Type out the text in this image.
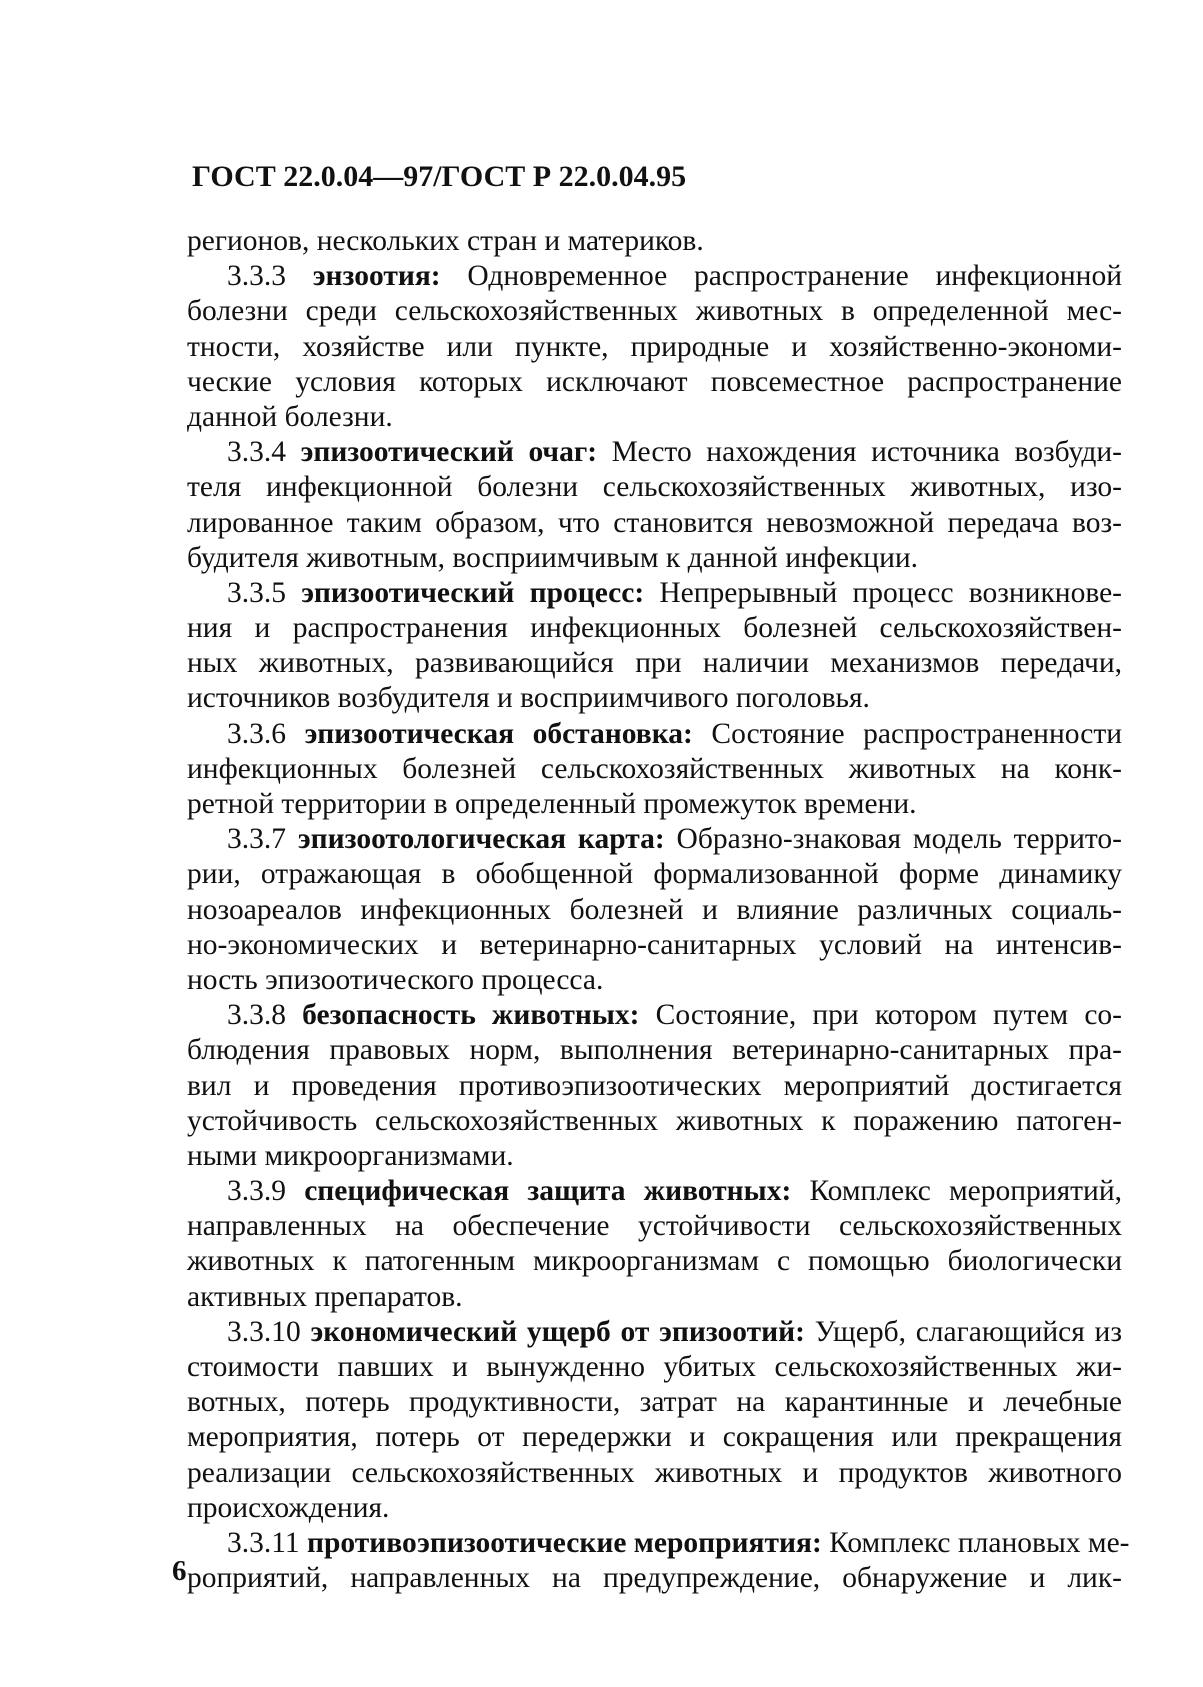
ГОСТ 22.0.04—97/ГОСТ Р 22.0.04.95
регионов, нескольких стран и материков.
3.3.3 энзоотия: Одновременное распространение инфекционной
болезни среди сельскохозяйственных животных в определенной мес-
тности, хозяйстве или пункте, природные и хозяйственно-экономи-
ческие условия которых исключают повсеместное распространение
данной болезни.
3.3.4 эпизоотический очаг: Место нахождения источника возбуди-
теля инфекционной болезни сельскохозяйственных животных, изо-
лированное таким образом, что становится невозможной передача воз-
будителя животным, восприимчивым к данной инфекции.
3.3.5 эпизоотический процесс: Непрерывный процесс возникнове-
ния и распространения инфекционных болезней сельскохозяйствен-
ных животных, развивающийся при наличии механизмов передачи,
источников возбудителя и восприимчивого поголовья.
3.3.6 эпизоотическая обстановка: Состояние распространенности
инфекционных болезней сельскохозяйственных животных на конк-
ретной территории в определенный промежуток времени.
3.3.7 эпизоотологическая карта: Образно-знаковая модель террито-
рии, отражающая в обобщенной формализованной форме динамику
нозоареалов инфекционных болезней и влияние различных социаль-
но-экономических и ветеринарно-санитарных условий на интенсив-
ность эпизоотического процесса.
3.3.8 безопасность животных: Состояние, при котором путем со-
блюдения правовых норм, выполнения ветеринарно-санитарных пра-
вил и проведения противоэпизоотических мероприятий достигается
устойчивость сельскохозяйственных животных к поражению патоген-
ными микроорганизмами.
3.3.9 специфическая защита животных: Комплекс мероприятий,
направленных на обеспечение устойчивости сельскохозяйственных
животных к патогенным микроорганизмам с помощью биологически
активных препаратов.
3.3.10 экономический ущерб от эпизоотий: Ущерб, слагающийся из
стоимости павших и вынужденно убитых сельскохозяйственных жи-
вотных, потерь продуктивности, затрат на карантинные и лечебные
мероприятия, потерь от передержки и сокращения или прекращения
реализации сельскохозяйственных животных и продуктов животного
происхождения.
3.3.11 противоэпизоотические мероприятия: Комплекс плановых ме-
роприятий, направленных на предупреждение, обнаружение и лик-
6
